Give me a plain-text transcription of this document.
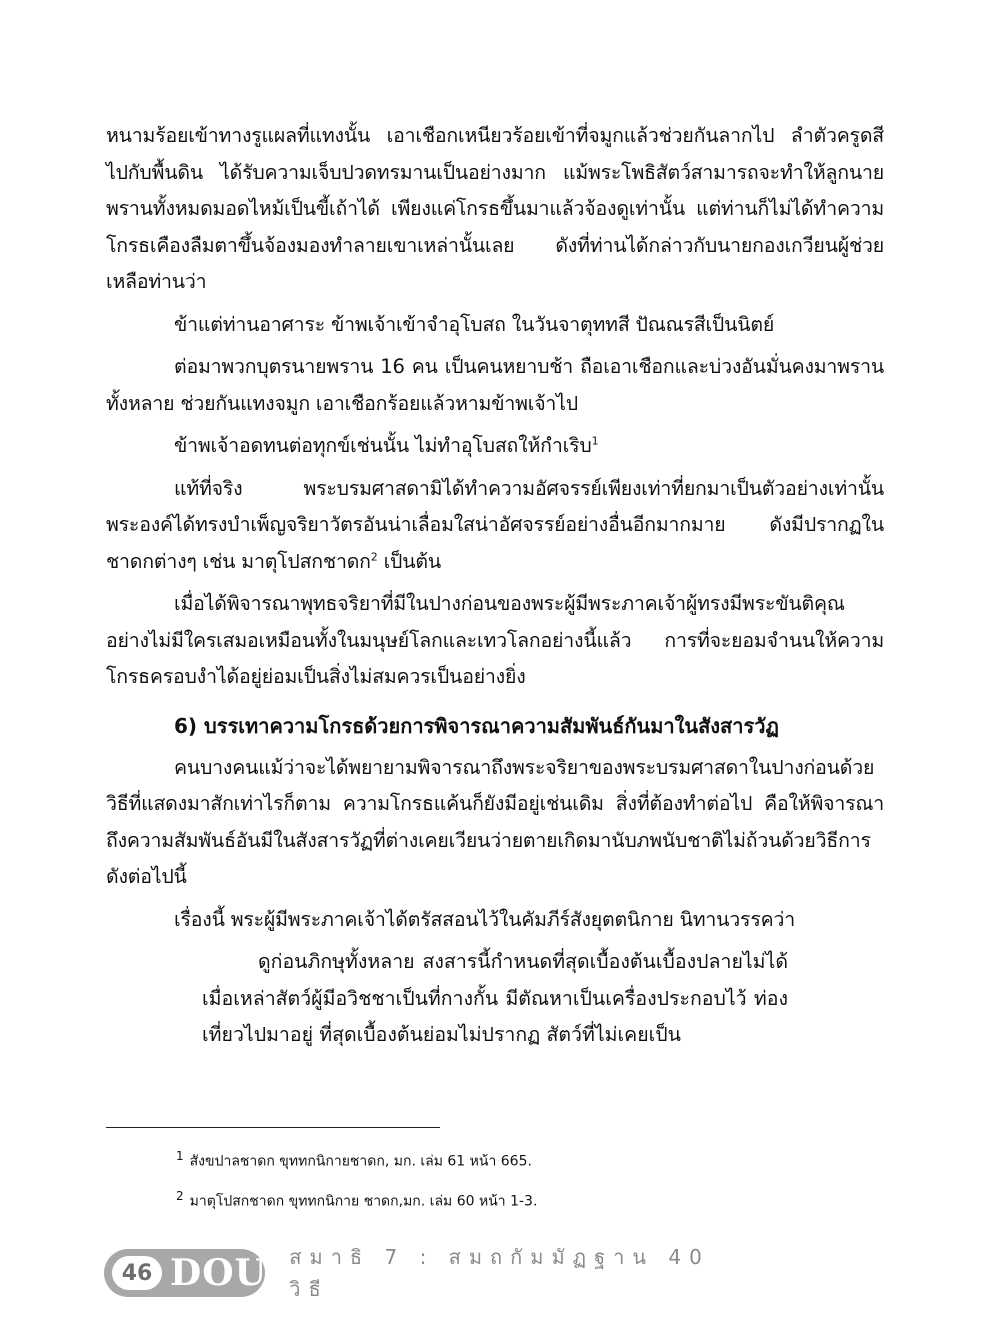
หนามร้อยเข้าทางรูแผลที่แทงนั้น เอาเชือกเหนียวร้อยเข้าที่จมูกแล้วช่วยกันลากไป ลำตัวครูดสีไปกับพื้นดิน ได้รับความเจ็บปวดทรมานเป็นอย่างมาก แม้พระโพธิสัตว์สามารถจะทำให้ลูกนายพรานทั้งหมดมอดไหม้เป็นขี้เถ้าได้ เพียงแค่โกรธขึ้นมาแล้วจ้องดูเท่านั้น แต่ท่านก็ไม่ได้ทำความโกรธเคืองลืมตาขึ้นจ้องมองทำลายเขาเหล่านั้นเลย ดังที่ท่านได้กล่าวกับนายกองเกวียนผู้ช่วยเหลือท่านว่า

ข้าแต่ท่านอาศาระ ข้าพเจ้าเข้าจำอุโบสถ ในวันจาตุททสี ปัณณรสีเป็นนิตย์

ต่อมาพวกบุตรนายพราน 16 คน เป็นคนหยาบช้า ถือเอาเชือกและบ่วงอันมั่นคงมาพรานทั้งหลาย ช่วยกันแทงจมูก เอาเชือกร้อยแล้วหามข้าพเจ้าไป

ข้าพเจ้าอดทนต่อทุกข์เช่นนั้น ไม่ทำอุโบสถให้กำเริบ$^1$

แท้ที่จริง พระบรมศาสดามิได้ทำความอัศจรรย์เพียงเท่าที่ยกมาเป็นตัวอย่างเท่านั้น พระองค์ได้ทรงบำเพ็ญจริยาวัตรอันน่าเลื่อมใสน่าอัศจรรย์อย่างอื่นอีกมากมาย ดังมีปรากฏในชาดกต่างๆ เช่น มาตุโปสกชาดก$^2$ เป็นต้น

เมื่อได้พิจารณาพุทธจริยาที่มีในปางก่อนของพระผู้มีพระภาคเจ้าผู้ทรงมีพระขันติคุณอย่างไม่มีใครเสมอเหมือนทั้งในมนุษย์โลกและเทวโลกอย่างนี้แล้ว การที่จะยอมจำนนให้ความโกรธครอบงำได้อยู่ย่อมเป็นสิ่งไม่สมควรเป็นอย่างยิ่ง

6) บรรเทาความโกรธด้วยการพิจารณาความสัมพันธ์กันมาในสังสารวัฏ

คนบางคนแม้ว่าจะได้พยายามพิจารณาถึงพระจริยาของพระบรมศาสดาในปางก่อนด้วยวิธีที่แสดงมาสักเท่าไรก็ตาม ความโกรธแค้นก็ยังมีอยู่เช่นเดิม สิ่งที่ต้องทำต่อไป คือให้พิจารณาถึงความสัมพันธ์อันมีในสังสารวัฏที่ต่างเคยเวียนว่ายตายเกิดมานับภพนับชาติไม่ถ้วนด้วยวิธีการ ดังต่อไปนี้

เรื่องนี้ พระผู้มีพระภาคเจ้าได้ตรัสสอนไว้ในคัมภีร์สังยุตตนิกาย นิทานวรรคว่า

ดูก่อนภิกษุทั้งหลาย สงสารนี้กำหนดที่สุดเบื้องต้นเบื้องปลายไม่ได้ เมื่อเหล่าสัตว์ผู้มีอวิชชาเป็นที่กางกั้น มีตัณหาเป็นเครื่องประกอบไว้ ท่องเที่ยวไปมาอยู่ ที่สุดเบื้องต้นย่อมไม่ปรากฏ สัตว์ที่ไม่เคยเป็น

1 สังขปาลชาดก ขุททกนิกายชาดก, มก. เล่ม 61 หน้า 665.

2 มาตุโปสกชาดก ขุททกนิกาย ชาดก,มก. เล่ม 60 หน้า 1-3.

46 DOU สมาธิ 7 : สมถกัมมัฏฐาน 40 วิธี
